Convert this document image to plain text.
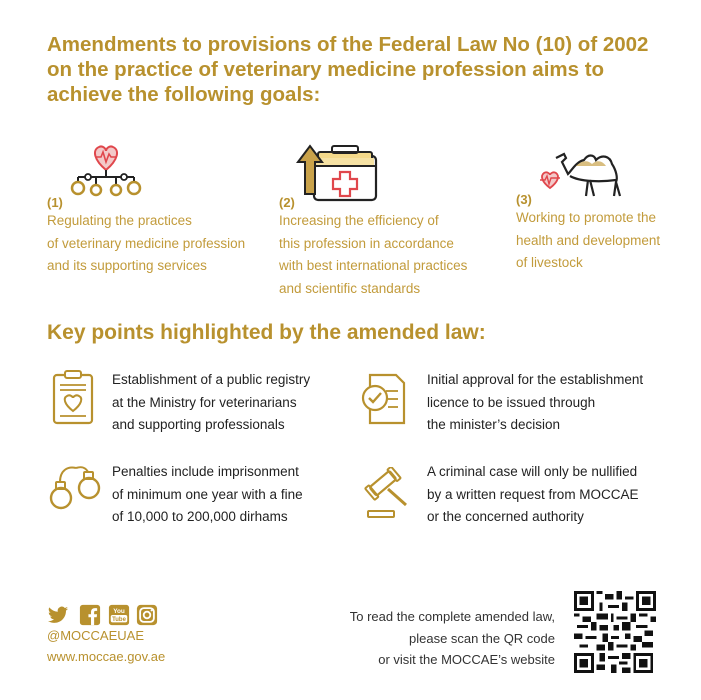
Amendments to provisions of the Federal Law No (10) of 2002 on the practice of veterinary medicine profession aims to achieve the following goals:
(1)
Regulating the practices
of veterinary medicine profession
and its supporting services
(2)
Increasing the efficiency of
this profession in accordance
with best international practices
and scientific standards
(3)
Working to promote the
health and development
of livestock
Key points highlighted by the amended law:
Establishment of a public registry
at the Ministry for veterinarians
and supporting professionals
Initial approval for the establishment
licence to be issued through
the minister’s decision
Penalties include imprisonment
of minimum one year with a fine
of 10,000 to 200,000 dirhams
A criminal case will only be nullified
by a written request from MOCCAE
or the concerned authority
You
Tube
@MOCCAEUAE
www.moccae.gov.ae
To read the complete amended law,
please scan the QR code
or visit the MOCCAE’s website
